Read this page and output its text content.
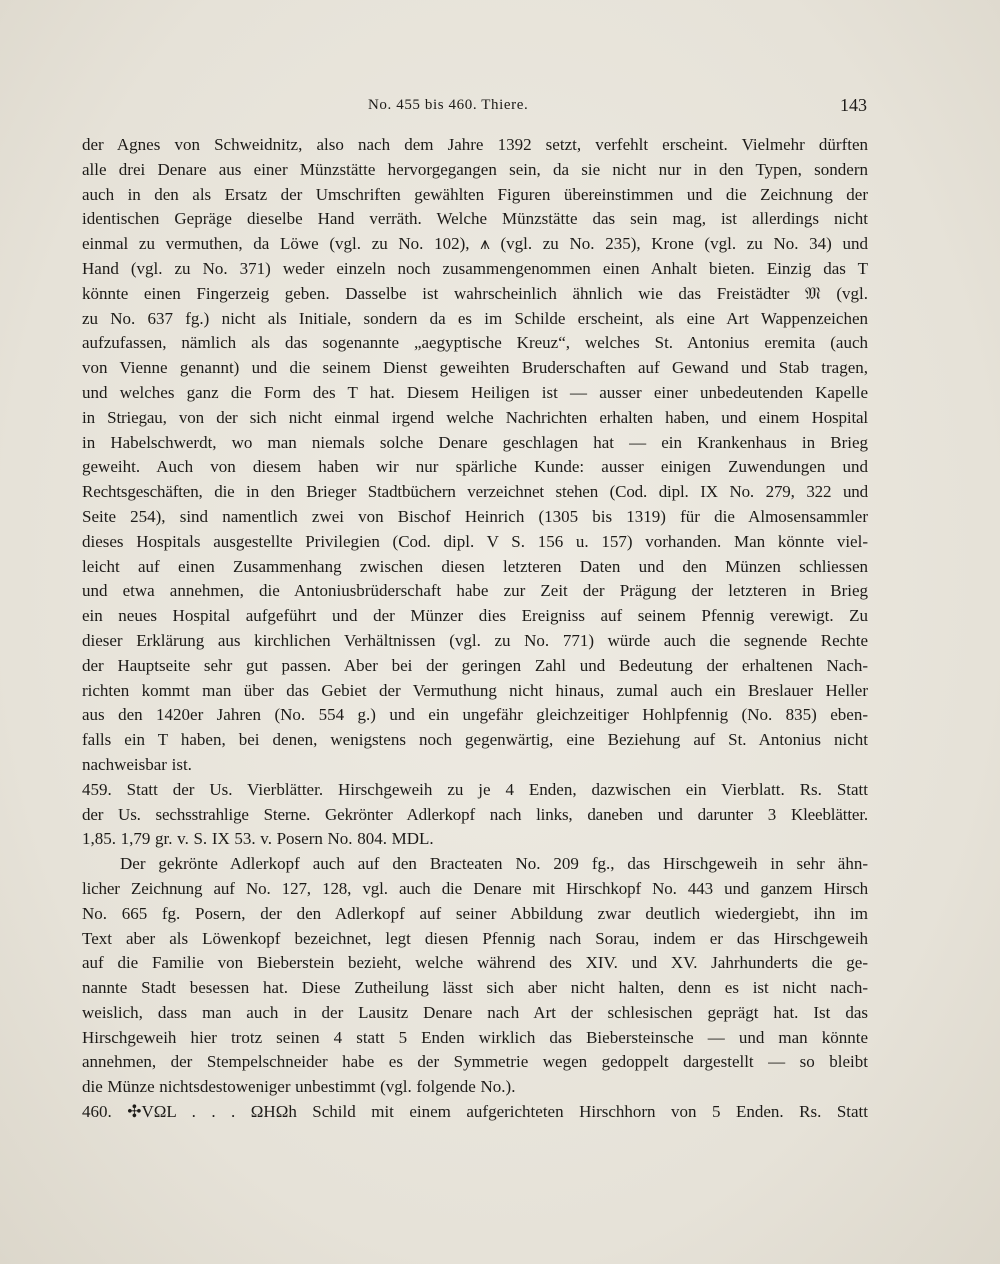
No. 455 bis 460. Thiere.	143
der Agnes von Schweidnitz, also nach dem Jahre 1392 setzt, verfehlt erscheint. Vielmehr dürften
alle drei Denare aus einer Münzstätte hervorgegangen sein, da sie nicht nur in den Typen, sondern
auch in den als Ersatz der Umschriften gewählten Figuren übereinstimmen und die Zeichnung der
identischen Gepräge dieselbe Hand verräth. Welche Münzstätte das sein mag, ist allerdings nicht
einmal zu vermuthen, da Löwe (vgl. zu No. 102), ⩚ (vgl. zu No. 235), Krone (vgl. zu No. 34) und
Hand (vgl. zu No. 371) weder einzeln noch zusammengenommen einen Anhalt bieten. Einzig das T
könnte einen Fingerzeig geben. Dasselbe ist wahrscheinlich ähnlich wie das Freistädter 𝔐 (vgl.
zu No. 637 fg.) nicht als Initiale, sondern da es im Schilde erscheint, als eine Art Wappenzeichen
aufzufassen, nämlich als das sogenannte „aegyptische Kreuz“, welches St. Antonius eremita (auch
von Vienne genannt) und die seinem Dienst geweihten Bruderschaften auf Gewand und Stab tragen,
und welches ganz die Form des T hat. Diesem Heiligen ist — ausser einer unbedeutenden Kapelle
in Striegau, von der sich nicht einmal irgend welche Nachrichten erhalten haben, und einem Hospital
in Habelschwerdt, wo man niemals solche Denare geschlagen hat — ein Krankenhaus in Brieg
geweiht. Auch von diesem haben wir nur spärliche Kunde: ausser einigen Zuwendungen und
Rechtsgeschäften, die in den Brieger Stadtbüchern verzeichnet stehen (Cod. dipl. IX No. 279, 322 und
Seite 254), sind namentlich zwei von Bischof Heinrich (1305 bis 1319) für die Almosensammler
dieses Hospitals ausgestellte Privilegien (Cod. dipl. V S. 156 u. 157) vorhanden. Man könnte viel-
leicht auf einen Zusammenhang zwischen diesen letzteren Daten und den Münzen schliessen
und etwa annehmen, die Antoniusbrüderschaft habe zur Zeit der Prägung der letzteren in Brieg
ein neues Hospital aufgeführt und der Münzer dies Ereigniss auf seinem Pfennig verewigt. Zu
dieser Erklärung aus kirchlichen Verhältnissen (vgl. zu No. 771) würde auch die segnende Rechte
der Hauptseite sehr gut passen. Aber bei der geringen Zahl und Bedeutung der erhaltenen Nach-
richten kommt man über das Gebiet der Vermuthung nicht hinaus, zumal auch ein Breslauer Heller
aus den 1420er Jahren (No. 554 g.) und ein ungefähr gleichzeitiger Hohlpfennig (No. 835) eben-
falls ein T haben, bei denen, wenigstens noch gegenwärtig, eine Beziehung auf St. Antonius nicht
nachweisbar ist.
459. Statt der Us. Vierblätter. Hirschgeweih zu je 4 Enden, dazwischen ein Vierblatt. Rs. Statt
der Us. sechsstrahlige Sterne. Gekrönter Adlerkopf nach links, daneben und darunter 3 Kleeblätter.
1,85. 1,79 gr. v. S. IX 53. v. Posern No. 804. MDL.
Der gekrönte Adlerkopf auch auf den Bracteaten No. 209 fg., das Hirschgeweih in sehr ähn-
licher Zeichnung auf No. 127, 128, vgl. auch die Denare mit Hirschkopf No. 443 und ganzem Hirsch
No. 665 fg. Posern, der den Adlerkopf auf seiner Abbildung zwar deutlich wiedergiebt, ihn im
Text aber als Löwenkopf bezeichnet, legt diesen Pfennig nach Sorau, indem er das Hirschgeweih
auf die Familie von Bieberstein bezieht, welche während des XIV. und XV. Jahrhunderts die ge-
nannte Stadt besessen hat. Diese Zutheilung lässt sich aber nicht halten, denn es ist nicht nach-
weislich, dass man auch in der Lausitz Denare nach Art der schlesischen geprägt hat. Ist das
Hirschgeweih hier trotz seinen 4 statt 5 Enden wirklich das Biebersteinsche — und man könnte
annehmen, der Stempelschneider habe es der Symmetrie wegen gedoppelt dargestellt — so bleibt
die Münze nichtsdestoweniger unbestimmt (vgl. folgende No.).
460. ✣VΩL . . . ΩHΩh Schild mit einem aufgerichteten Hirschhorn von 5 Enden. Rs. Statt
